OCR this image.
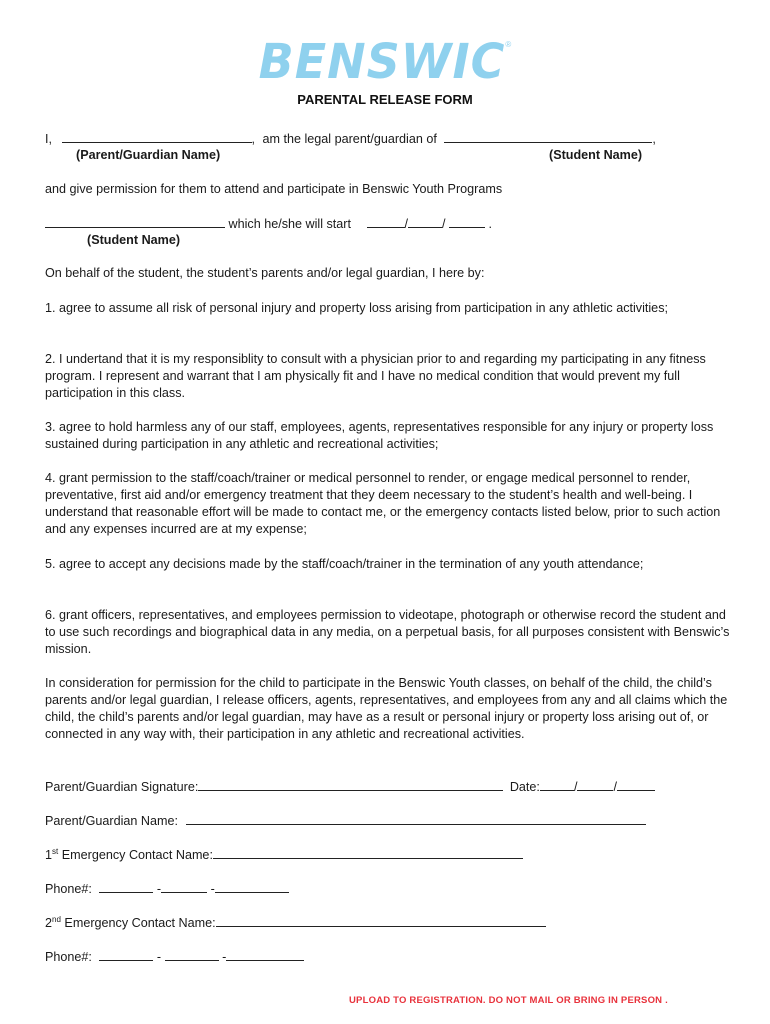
BENSWIC®
PARENTAL RELEASE FORM
I,	, am the legal parent/guardian of	,
(Parent/Guardian Name)	(Student Name)
and give permission for them to attend and participate in Benswic Youth Programs
which he/she will start	/	/	.
(Student Name)
On behalf of the student, the student’s parents and/or legal guardian, I here by:
1. agree to assume all risk of personal injury and property loss arising from participation in any athletic activities;
2. I undertand that it is my responsiblity to consult with a physician prior to and regarding my participating in any fitness program. I represent and warrant that I am physically fit and I have no medical condition that would prevent my full participation in this class.
3. agree to hold harmless any of our staff, employees, agents, representatives responsible for any injury or property loss sustained during participation in any athletic and recreational activities;
4. grant permission to the staff/coach/trainer or medical personnel to render, or engage medical personnel to render, preventative, first aid and/or emergency treatment that they deem necessary to the student’s health and well-being. I understand that reasonable effort will be made to contact me, or the emergency contacts listed below, prior to such action and any expenses incurred are at my expense;
5. agree to accept any decisions made by the staff/coach/trainer in the termination of any youth attendance;
6. grant officers, representatives, and employees permission to videotape, photograph or otherwise record the student and to use such recordings and biographical data in any media, on a perpetual basis, for all purposes consistent with Benswic’s mission.
In consideration for permission for the child to participate in the Benswic Youth classes, on behalf of the child, the child’s parents and/or legal guardian, I release officers, agents, representatives, and employees from any and all claims which the child, the child’s parents and/or legal guardian, may have as a result or personal injury or property loss arising out of, or connected in any way with, their participation in any athletic and recreational activities.
Parent/Guardian Signature:	Date:	/	/
Parent/Guardian Name:
1st Emergency Contact Name:
Phone#:	-	-
2nd Emergency Contact Name:
Phone#:	-	-
UPLOAD TO REGISTRATION. DO NOT MAIL OR BRING IN PERSON .
